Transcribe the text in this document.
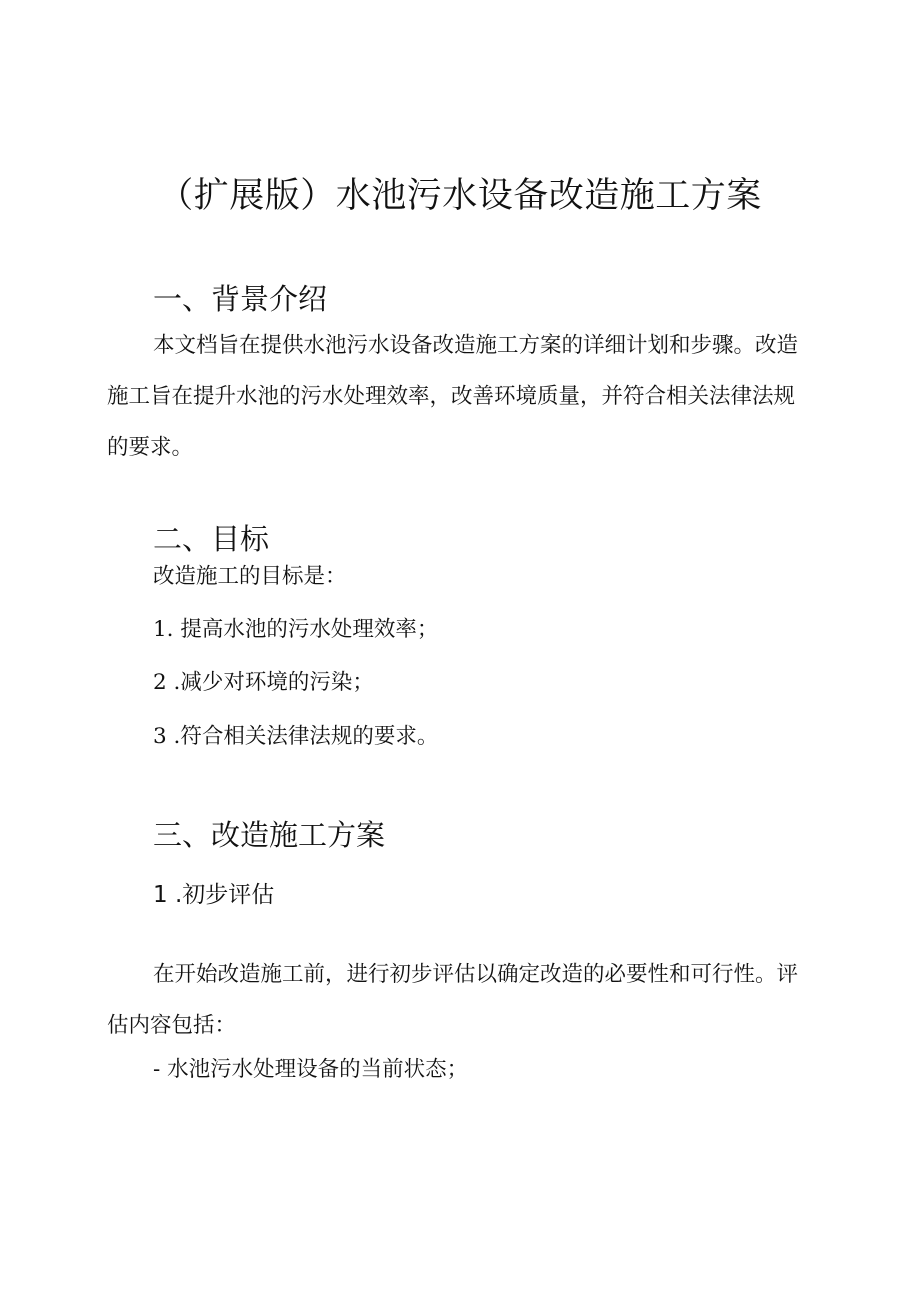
（扩展版）水池污水设备改造施工方案
一、背景介绍

本文档旨在提供水池污水设备改造施工方案的详细计划和步骤。改造施工旨在提升水池的污水处理效率，改善环境质量，并符合相关法律法规的要求。

二、目标
改造施工的目标是：
1. 提高水池的污水处理效率；
2 .减少对环境的污染；
3 .符合相关法律法规的要求。
三、改造施工方案
1 .初步评估

在开始改造施工前，进行初步评估以确定改造的必要性和可行性。评估内容包括：

- 水池污水处理设备的当前状态；
